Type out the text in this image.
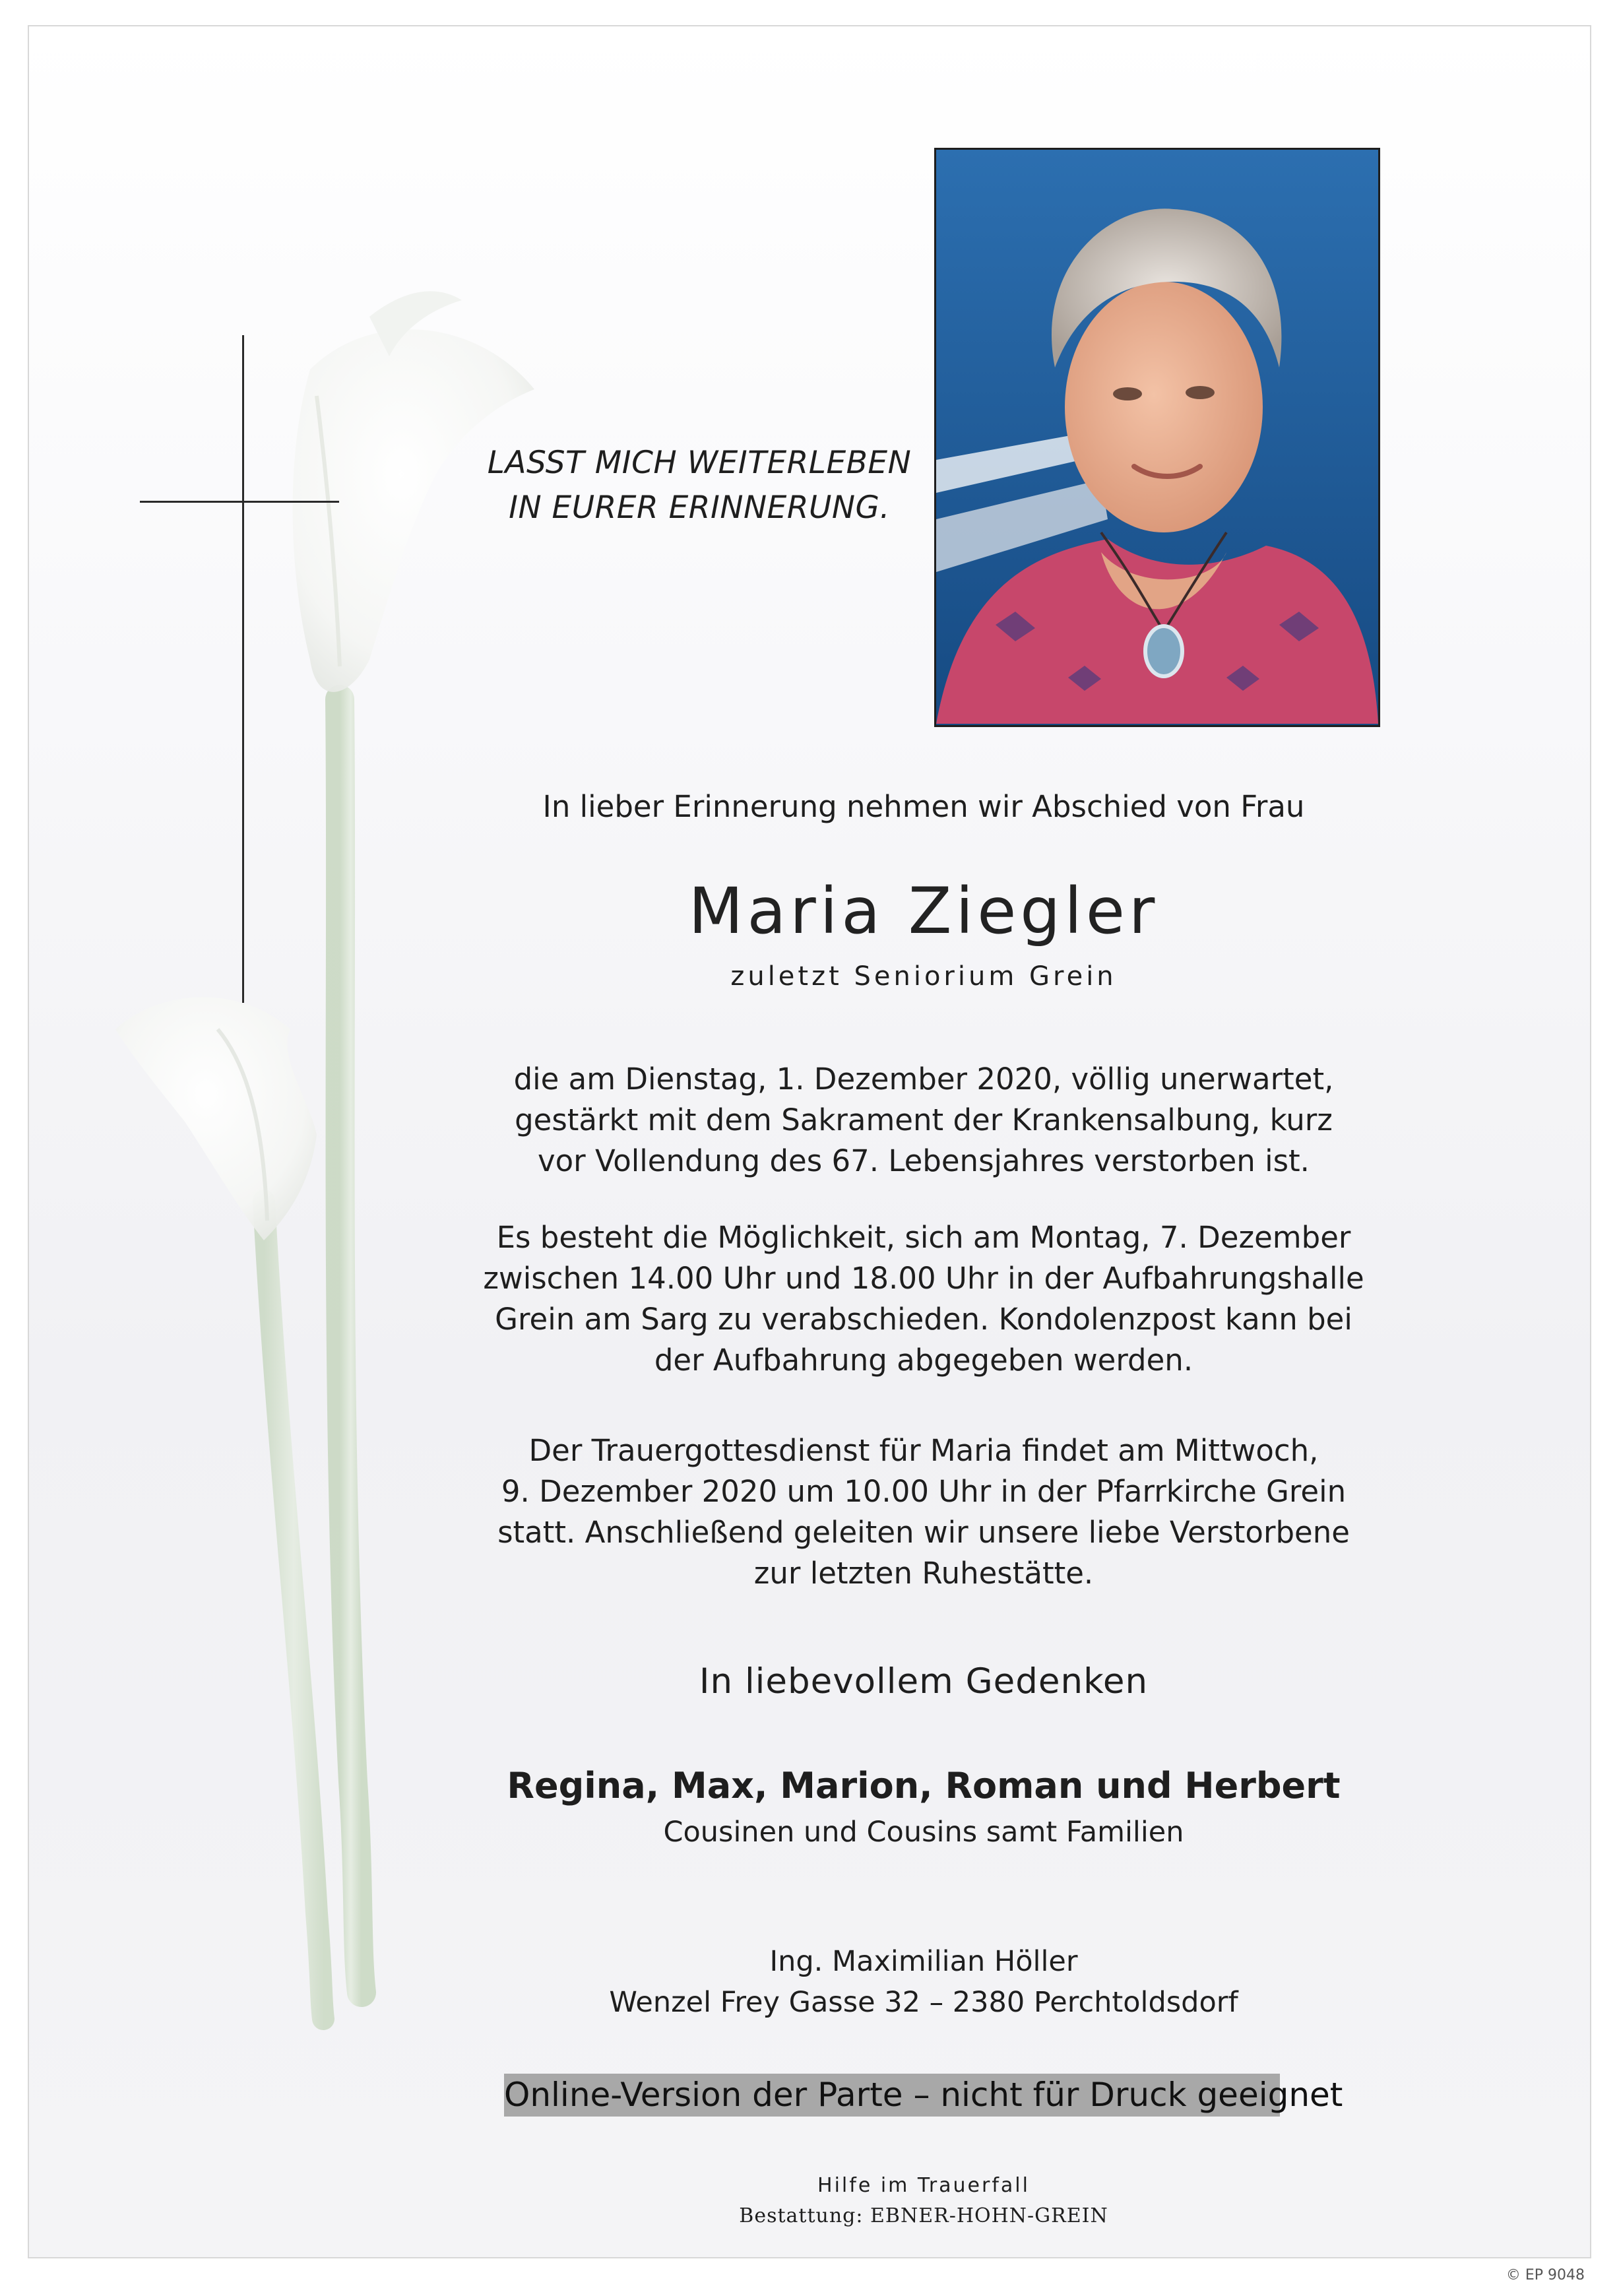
LASST MICH WEITERLEBEN
IN EURER ERINNERUNG.
In lieber Erinnerung nehmen wir Abschied von Frau
Maria Ziegler
zuletzt Seniorium Grein
die am Dienstag, 1. Dezember 2020, völlig unerwartet,
gestärkt mit dem Sakrament der Krankensalbung, kurz
vor Vollendung des 67. Lebensjahres verstorben ist.
Es besteht die Möglichkeit, sich am Montag, 7. Dezember
zwischen 14.00 Uhr und 18.00 Uhr in der Aufbahrungshalle
Grein am Sarg zu verabschieden. Kondolenzpost kann bei
der Aufbahrung abgegeben werden.
Der Trauergottesdienst für Maria findet am Mittwoch,
9. Dezember 2020 um 10.00 Uhr in der Pfarrkirche Grein
statt. Anschließend geleiten wir unsere liebe Verstorbene
zur letzten Ruhestätte.
In liebevollem Gedenken
Regina, Max, Marion, Roman und Herbert
Cousinen und Cousins samt Familien
Ing. Maximilian Höller
Wenzel Frey Gasse 32 – 2380 Perchtoldsdorf
Online-Version der Parte – nicht für Druck geeignet
Hilfe im Trauerfall
Bestattung: EBNER-HOHN-GREIN
© EP 9048
